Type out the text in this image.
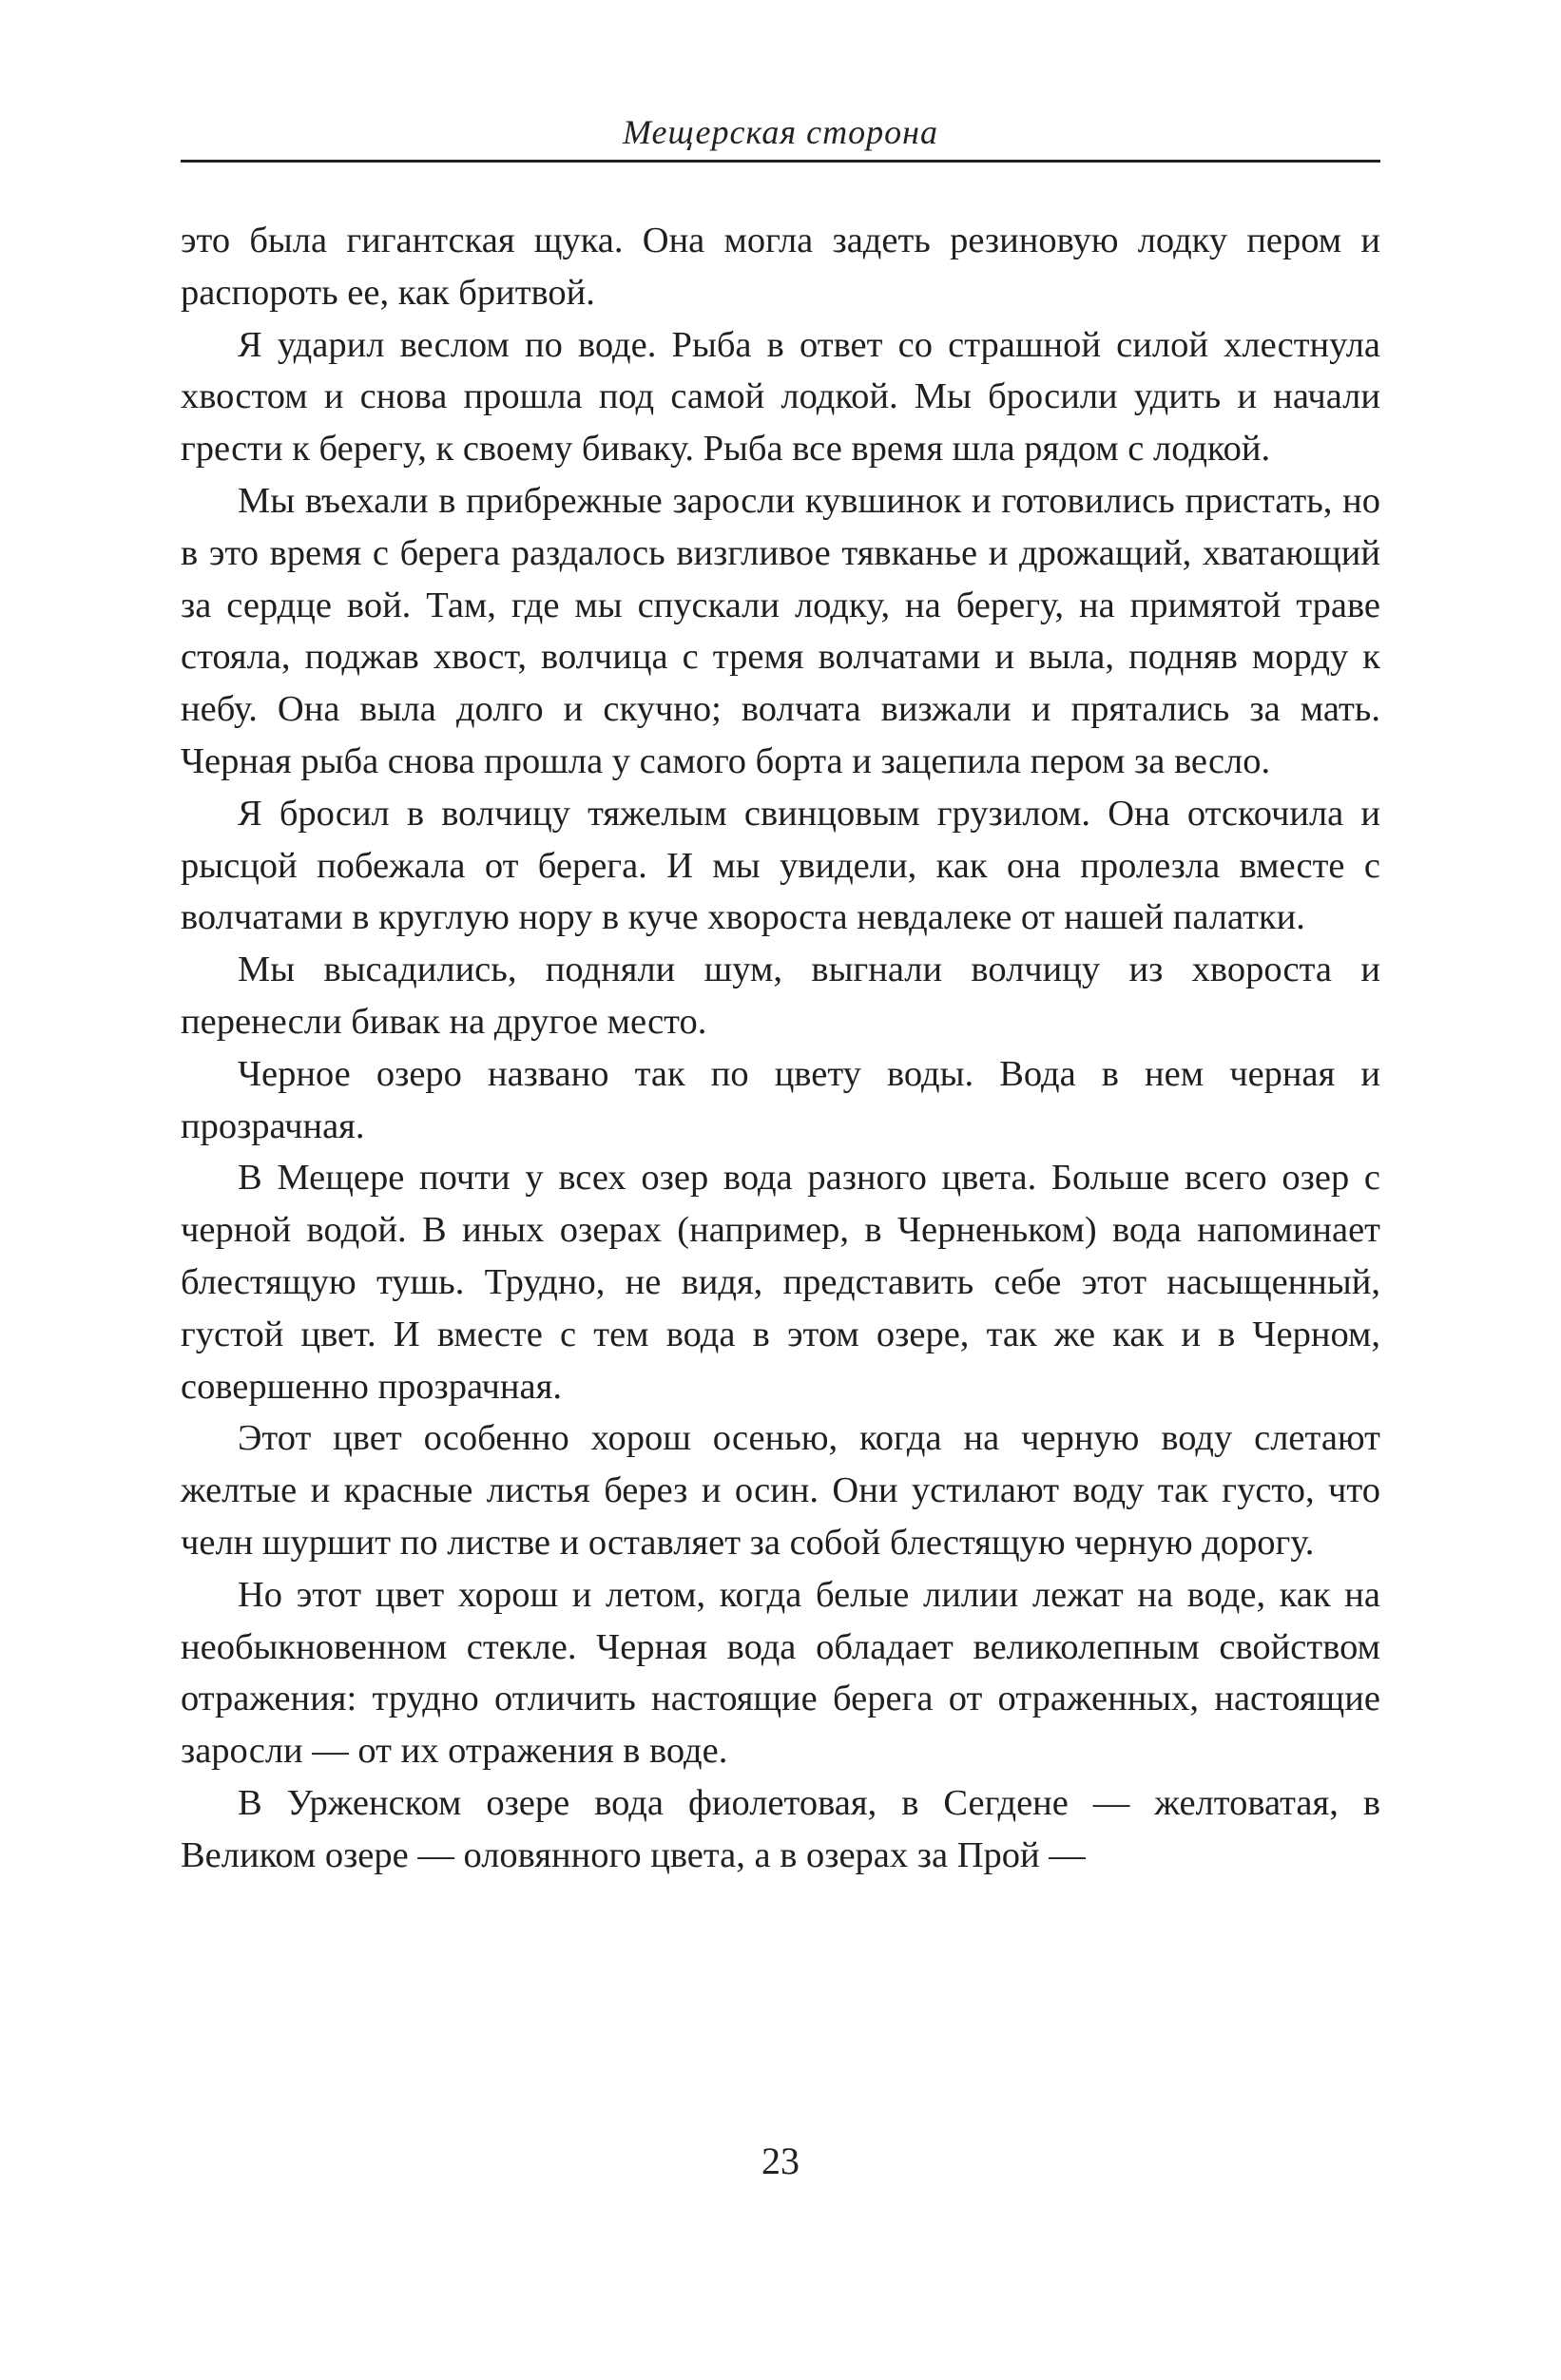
Мещерская сторона

это была гигантская щука. Она могла задеть резиновую лодку пером и распороть ее, как бритвой.

Я ударил веслом по воде. Рыба в ответ со страшной силой хлестнула хвостом и снова прошла под самой лодкой. Мы бросили удить и начали грести к берегу, к своему биваку. Рыба все время шла рядом с лодкой.

Мы въехали в прибрежные заросли кувшинок и готовились пристать, но в это время с берега раздалось визгливое тявканье и дрожащий, хватающий за сердце вой. Там, где мы спускали лодку, на берегу, на примятой траве стояла, поджав хвост, волчица с тремя волчатами и выла, подняв морду к небу. Она выла долго и скучно; волчата визжали и прятались за мать. Черная рыба снова прошла у самого борта и зацепила пером за весло.

Я бросил в волчицу тяжелым свинцовым грузилом. Она отскочила и рысцой побежала от берега. И мы увидели, как она пролезла вместе с волчатами в круглую нору в куче хвороста невдалеке от нашей палатки.

Мы высадились, подняли шум, выгнали волчицу из хвороста и перенесли бивак на другое место.

Черное озеро названо так по цвету воды. Вода в нем черная и прозрачная.

В Мещере почти у всех озер вода разного цвета. Больше всего озер с черной водой. В иных озерах (например, в Черненьком) вода напоминает блестящую тушь. Трудно, не видя, представить себе этот насыщенный, густой цвет. И вместе с тем вода в этом озере, так же как и в Черном, совершенно прозрачная.

Этот цвет особенно хорош осенью, когда на черную воду слетают желтые и красные листья берез и осин. Они устилают воду так густо, что челн шуршит по листве и оставляет за собой блестящую черную дорогу.

Но этот цвет хорош и летом, когда белые лилии лежат на воде, как на необыкновенном стекле. Черная вода обладает великолепным свойством отражения: трудно отличить настоящие берега от отраженных, настоящие заросли — от их отражения в воде.

В Урженском озере вода фиолетовая, в Сегдене — желтоватая, в Великом озере — оловянного цвета, а в озерах за Прой —

23
